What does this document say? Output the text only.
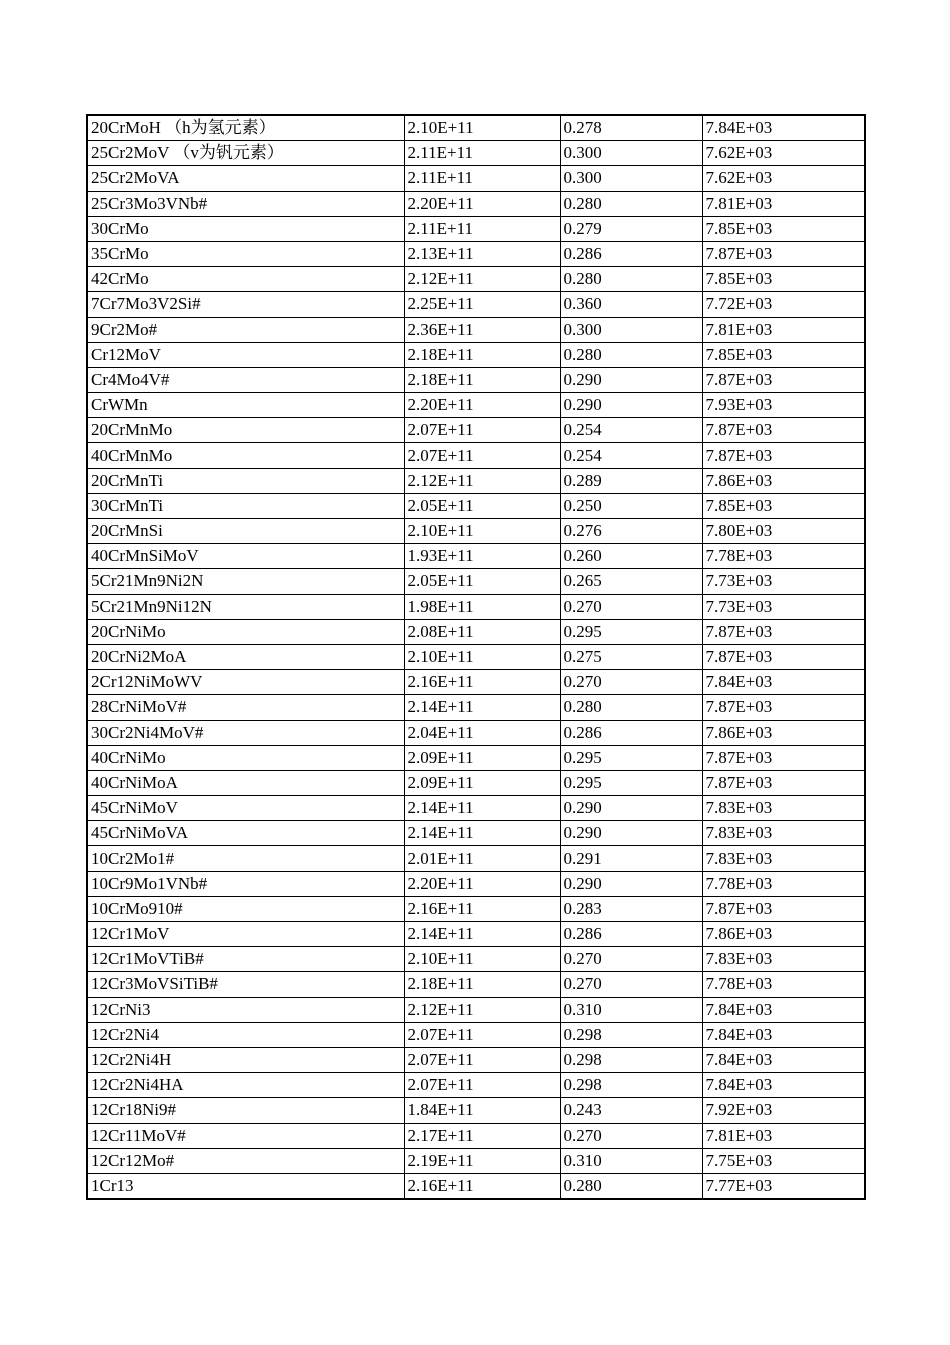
20CrMoH （h为氢元素）	2.10E+11	0.278	7.84E+03
25Cr2MoV （v为钒元素）	2.11E+11	0.300	7.62E+03
25Cr2MoVA	2.11E+11	0.300	7.62E+03
25Cr3Mo3VNb#	2.20E+11	0.280	7.81E+03
30CrMo	2.11E+11	0.279	7.85E+03
35CrMo	2.13E+11	0.286	7.87E+03
42CrMo	2.12E+11	0.280	7.85E+03
7Cr7Mo3V2Si#	2.25E+11	0.360	7.72E+03
9Cr2Mo#	2.36E+11	0.300	7.81E+03
Cr12MoV	2.18E+11	0.280	7.85E+03
Cr4Mo4V#	2.18E+11	0.290	7.87E+03
CrWMn	2.20E+11	0.290	7.93E+03
20CrMnMo	2.07E+11	0.254	7.87E+03
40CrMnMo	2.07E+11	0.254	7.87E+03
20CrMnTi	2.12E+11	0.289	7.86E+03
30CrMnTi	2.05E+11	0.250	7.85E+03
20CrMnSi	2.10E+11	0.276	7.80E+03
40CrMnSiMoV	1.93E+11	0.260	7.78E+03
5Cr21Mn9Ni2N	2.05E+11	0.265	7.73E+03
5Cr21Mn9Ni12N	1.98E+11	0.270	7.73E+03
20CrNiMo	2.08E+11	0.295	7.87E+03
20CrNi2MoA	2.10E+11	0.275	7.87E+03
2Cr12NiMoWV	2.16E+11	0.270	7.84E+03
28CrNiMoV#	2.14E+11	0.280	7.87E+03
30Cr2Ni4MoV#	2.04E+11	0.286	7.86E+03
40CrNiMo	2.09E+11	0.295	7.87E+03
40CrNiMoA	2.09E+11	0.295	7.87E+03
45CrNiMoV	2.14E+11	0.290	7.83E+03
45CrNiMoVA	2.14E+11	0.290	7.83E+03
10Cr2Mo1#	2.01E+11	0.291	7.83E+03
10Cr9Mo1VNb#	2.20E+11	0.290	7.78E+03
10CrMo910#	2.16E+11	0.283	7.87E+03
12Cr1MoV	2.14E+11	0.286	7.86E+03
12Cr1MoVTiB#	2.10E+11	0.270	7.83E+03
12Cr3MoVSiTiB#	2.18E+11	0.270	7.78E+03
12CrNi3	2.12E+11	0.310	7.84E+03
12Cr2Ni4	2.07E+11	0.298	7.84E+03
12Cr2Ni4H	2.07E+11	0.298	7.84E+03
12Cr2Ni4HA	2.07E+11	0.298	7.84E+03
12Cr18Ni9#	1.84E+11	0.243	7.92E+03
12Cr11MoV#	2.17E+11	0.270	7.81E+03
12Cr12Mo#	2.19E+11	0.310	7.75E+03
1Cr13	2.16E+11	0.280	7.77E+03
